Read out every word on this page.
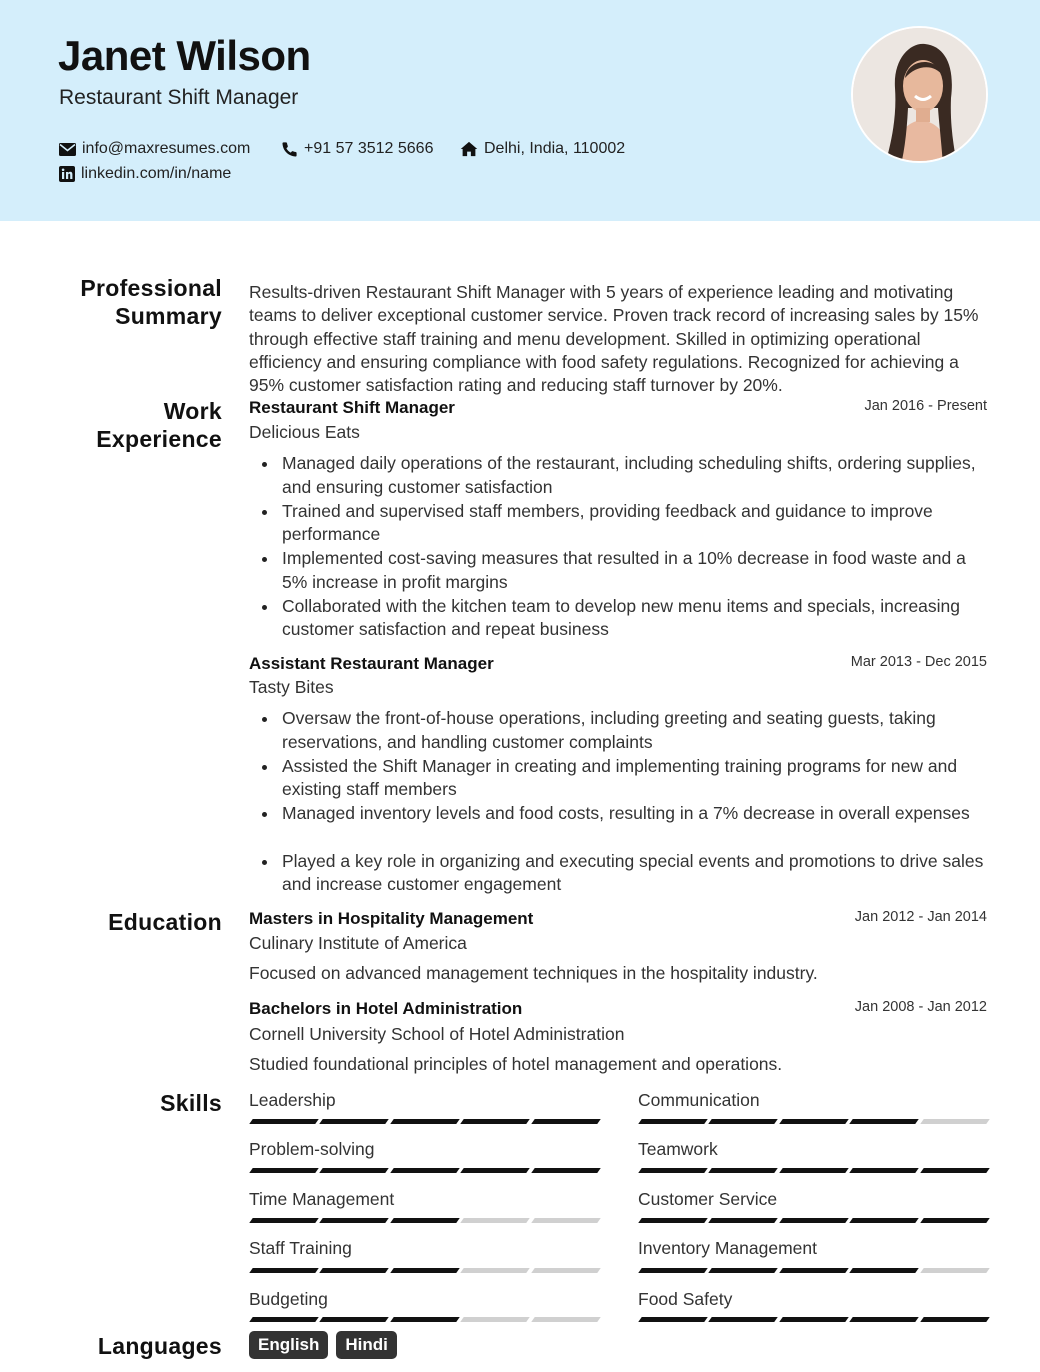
Janet Wilson
Restaurant Shift Manager
info@maxresumes.com	+91 57 3512 5666	Delhi, India, 110002
linkedin.com/in/name
Professional
Summary
Results-driven Restaurant Shift Manager with 5 years of experience leading and motivating teams to deliver exceptional customer service. Proven track record of increasing sales by 15% through effective staff training and menu development. Skilled in optimizing operational efficiency and ensuring compliance with food safety regulations. Recognized for achieving a 95% customer satisfaction rating and reducing staff turnover by 20%.
Work
Experience
Restaurant Shift Manager	Jan 2016 - Present
Delicious Eats
Managed daily operations of the restaurant, including scheduling shifts, ordering supplies, and ensuring customer satisfaction
Trained and supervised staff members, providing feedback and guidance to improve performance
Implemented cost-saving measures that resulted in a 10% decrease in food waste and a 5% increase in profit margins
Collaborated with the kitchen team to develop new menu items and specials, increasing customer satisfaction and repeat business
Assistant Restaurant Manager	Mar 2013 - Dec 2015
Tasty Bites
Oversaw the front-of-house operations, including greeting and seating guests, taking reservations, and handling customer complaints
Assisted the Shift Manager in creating and implementing training programs for new and existing staff members
Managed inventory levels and food costs, resulting in a 7% decrease in overall expenses
Played a key role in organizing and executing special events and promotions to drive sales and increase customer engagement
Education Masters in Hospitality Management	Jan 2012 - Jan 2014
Culinary Institute of America
Focused on advanced management techniques in the hospitality industry.
Bachelors in Hotel Administration	Jan 2008 - Jan 2012
Cornell University School of Hotel Administration
Studied foundational principles of hotel management and operations.
Skills Leadership	Communication
Problem-solving	Teamwork
Time Management	Customer Service
Staff Training	Inventory Management
Budgeting	Food Safety
Languages	English	Hindi
